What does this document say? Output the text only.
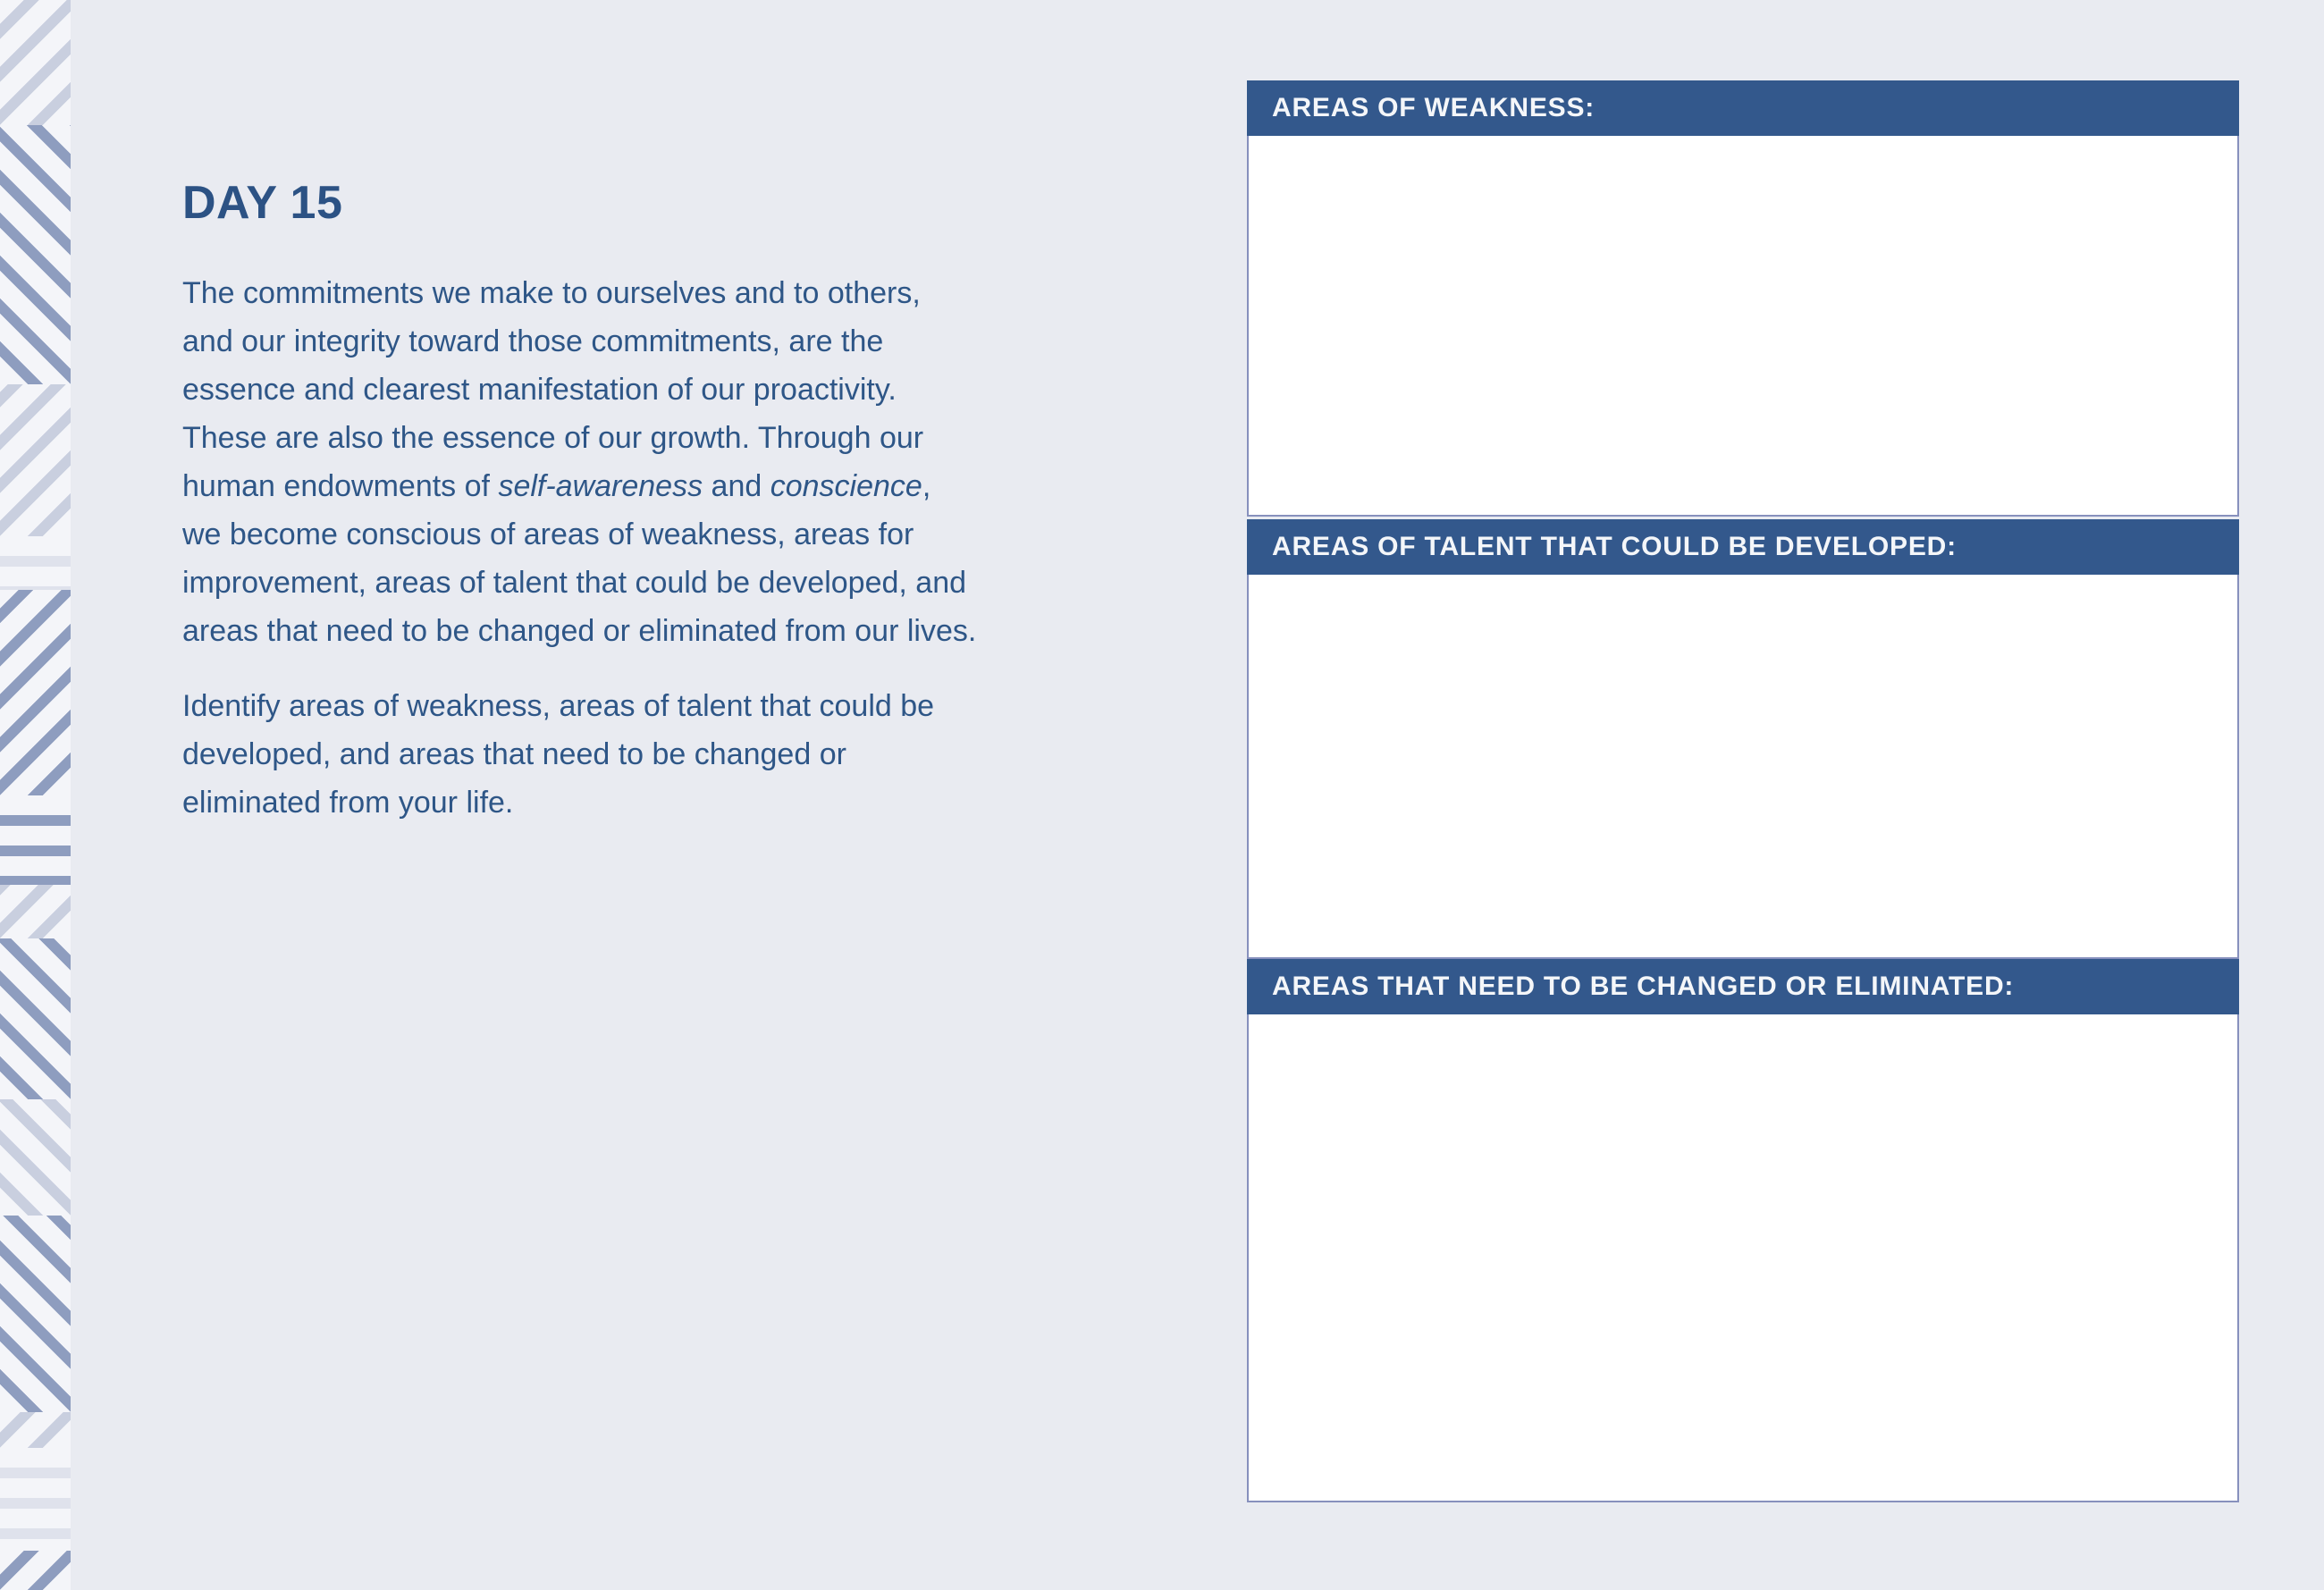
DAY 15

The commitments we make to ourselves and to others, and our integrity toward those commitments, are the essence and clearest manifestation of our proactivity. These are also the essence of our growth. Through our human endowments of self-awareness and conscience, we become conscious of areas of weakness, areas for improvement, areas of talent that could be developed, and areas that need to be changed or eliminated from our lives.

Identify areas of weakness, areas of talent that could be developed, and areas that need to be changed or eliminated from your life.

AREAS OF WEAKNESS:
AREAS OF TALENT THAT COULD BE DEVELOPED:
AREAS THAT NEED TO BE CHANGED OR ELIMINATED:
